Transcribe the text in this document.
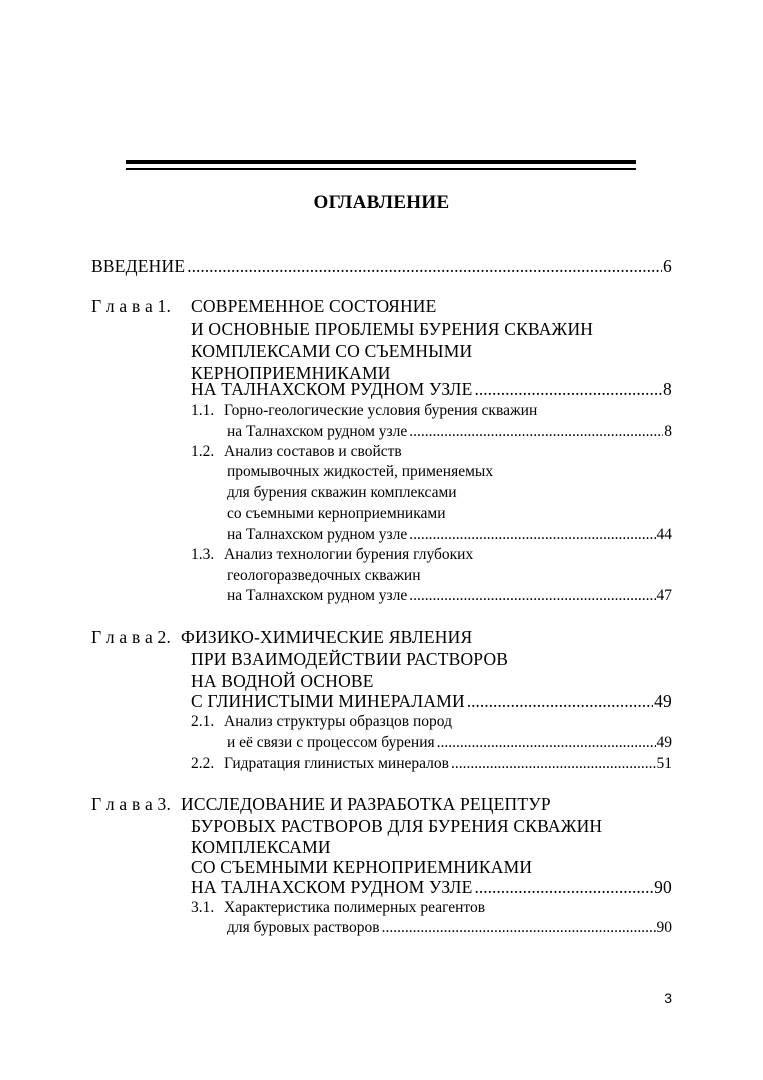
ОГЛАВЛЕНИЕ
ВВЕДЕНИЕ .....	6
Г л а в а 1. СОВРЕМЕННОЕ СОСТОЯНИЕ
И ОСНОВНЫЕ ПРОБЛЕМЫ БУРЕНИЯ СКВАЖИН
КОМПЛЕКСАМИ СО СЪЕМНЫМИ
КЕРНОПРИЕМНИКАМИ
НА ТАЛНАХСКОМ РУДНОМ УЗЛЕ .....	8
1.1. Горно-геологические условия бурения скважин
на Талнахском рудном узле .....	8
1.2. Анализ составов и свойств
промывочных жидкостей, применяемых
для бурения скважин комплексами
со съемными керноприемниками
на Талнахском рудном узле .....	44
1.3. Анализ технологии бурения глубоких
геологоразведочных скважин
на Талнахском рудном узле .....	47
Г л а в а 2. ФИЗИКО-ХИМИЧЕСКИЕ ЯВЛЕНИЯ
ПРИ ВЗАИМОДЕЙСТВИИ РАСТВОРОВ
НА ВОДНОЙ ОСНОВЕ
С ГЛИНИСТЫМИ МИНЕРАЛАМИ .....	49
2.1. Анализ структуры образцов пород
и её связи с процессом бурения .....	49
2.2. Гидратация глинистых минералов .....	51
Г л а в а 3. ИССЛЕДОВАНИЕ И РАЗРАБОТКА РЕЦЕПТУР
БУРОВЫХ РАСТВОРОВ ДЛЯ БУРЕНИЯ СКВАЖИН
КОМПЛЕКСАМИ
СО СЪЕМНЫМИ КЕРНОПРИЕМНИКАМИ
НА ТАЛНАХСКОМ РУДНОМ УЗЛЕ .....	90
3.1. Характеристика полимерных реагентов
для буровых растворов .....	90
3
